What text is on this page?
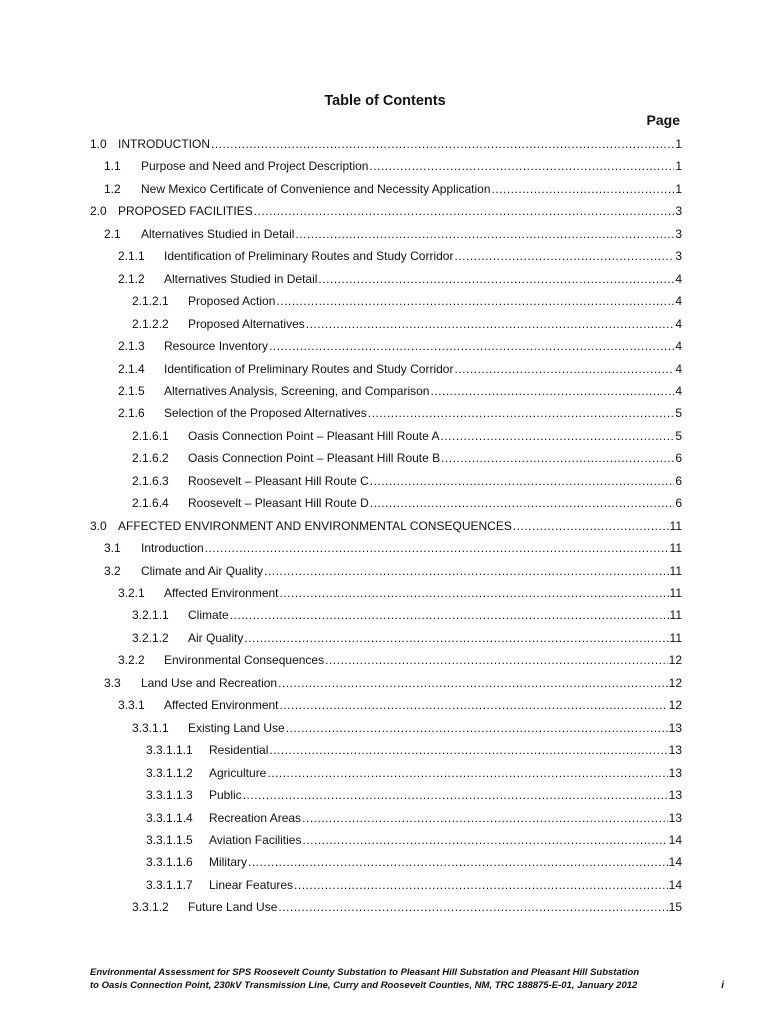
Table of Contents
Page
1.0 INTRODUCTION .....	1
1.1	Purpose and Need and Project Description .....	1
1.2	New Mexico Certificate of Convenience and Necessity Application .....	1
2.0 PROPOSED FACILITIES .....	3
2.1	Alternatives Studied in Detail .....	3
2.1.1	Identification of Preliminary Routes and Study Corridor .....	3
2.1.2	Alternatives Studied in Detail .....	4
2.1.2.1	Proposed Action .....	4
2.1.2.2	Proposed Alternatives .....	4
2.1.3	Resource Inventory .....	4
2.1.4	Identification of Preliminary Routes and Study Corridor .....	4
2.1.5	Alternatives Analysis, Screening, and Comparison .....	4
2.1.6	Selection of the Proposed Alternatives .....	5
2.1.6.1	Oasis Connection Point – Pleasant Hill Route A .....	5
2.1.6.2	Oasis Connection Point – Pleasant Hill Route B .....	6
2.1.6.3	Roosevelt – Pleasant Hill Route C .....	6
2.1.6.4	Roosevelt – Pleasant Hill Route D .....	6
3.0 AFFECTED ENVIRONMENT AND ENVIRONMENTAL CONSEQUENCES .....	11
3.1	Introduction .....	11
3.2	Climate and Air Quality .....	11
3.2.1	Affected Environment .....	11
3.2.1.1	Climate .....	11
3.2.1.2	Air Quality .....	11
3.2.2	Environmental Consequences .....	12
3.3	Land Use and Recreation .....	12
3.3.1	Affected Environment .....	12
3.3.1.1	Existing Land Use .....	13
3.3.1.1.1	Residential .....	13
3.3.1.1.2	Agriculture .....	13
3.3.1.1.3	Public .....	13
3.3.1.1.4	Recreation Areas .....	13
3.3.1.1.5	Aviation Facilities .....	14
3.3.1.1.6	Military .....	14
3.3.1.1.7	Linear Features .....	14
3.3.1.2	Future Land Use .....	15
Environmental Assessment for SPS Roosevelt County Substation to Pleasant Hill Substation and Pleasant Hill Substation
to Oasis Connection Point, 230kV Transmission Line, Curry and Roosevelt Counties, NM, TRC 188875-E-01, January 2012	i
